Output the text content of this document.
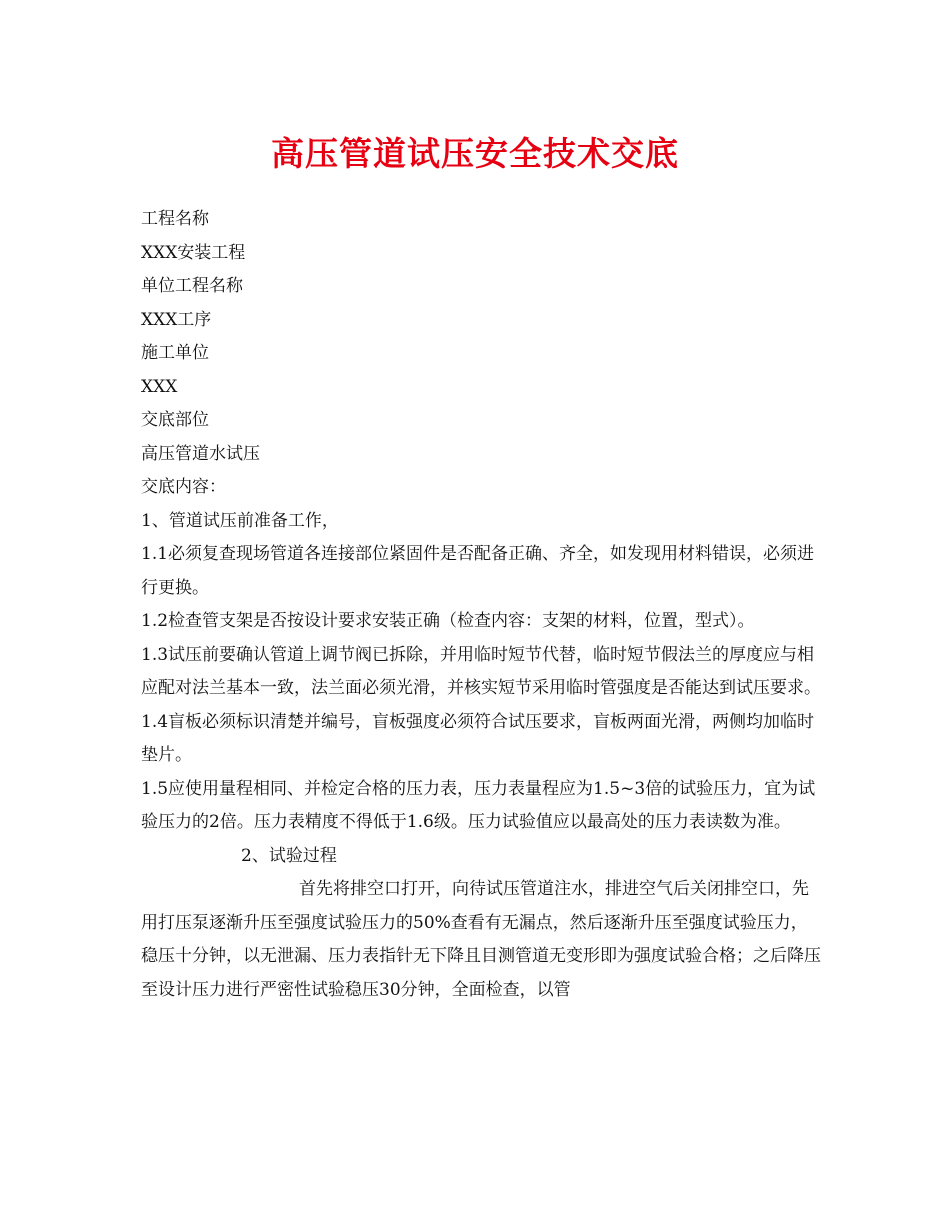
高压管道试压安全技术交底
工程名称
XXX安装工程
单位工程名称
XXX工序
施工单位
XXX
交底部位
高压管道水试压
交底内容：
1、管道试压前准备工作，
1.1必须复查现场管道各连接部位紧固件是否配备正确、齐全，如发现用材料错误，必须进行更换。
1.2检查管支架是否按设计要求安装正确（检查内容：支架的材料，位置，型式）。
1.3试压前要确认管道上调节阀已拆除，并用临时短节代替，临时短节假法兰的厚度应与相应配对法兰基本一致，法兰面必须光滑，并核实短节采用临时管强度是否能达到试压要求。
1.4盲板必须标识清楚并编号，盲板强度必须符合试压要求，盲板两面光滑，两侧均加临时垫片。
1.5应使用量程相同、并检定合格的压力表，压力表量程应为1.5~3倍的试验压力，宜为试验压力的2倍。压力表精度不得低于1.6级。压力试验值应以最高处的压力表读数为准。
2、试验过程
首先将排空口打开，向待试压管道注水，排进空气后关闭排空口，先用打压泵逐渐升压至强度试验压力的50%查看有无漏点，然后逐渐升压至强度试验压力，稳压十分钟，以无泄漏、压力表指针无下降且目测管道无变形即为强度试验合格；之后降压至设计压力进行严密性试验稳压30分钟，全面检查，以管
